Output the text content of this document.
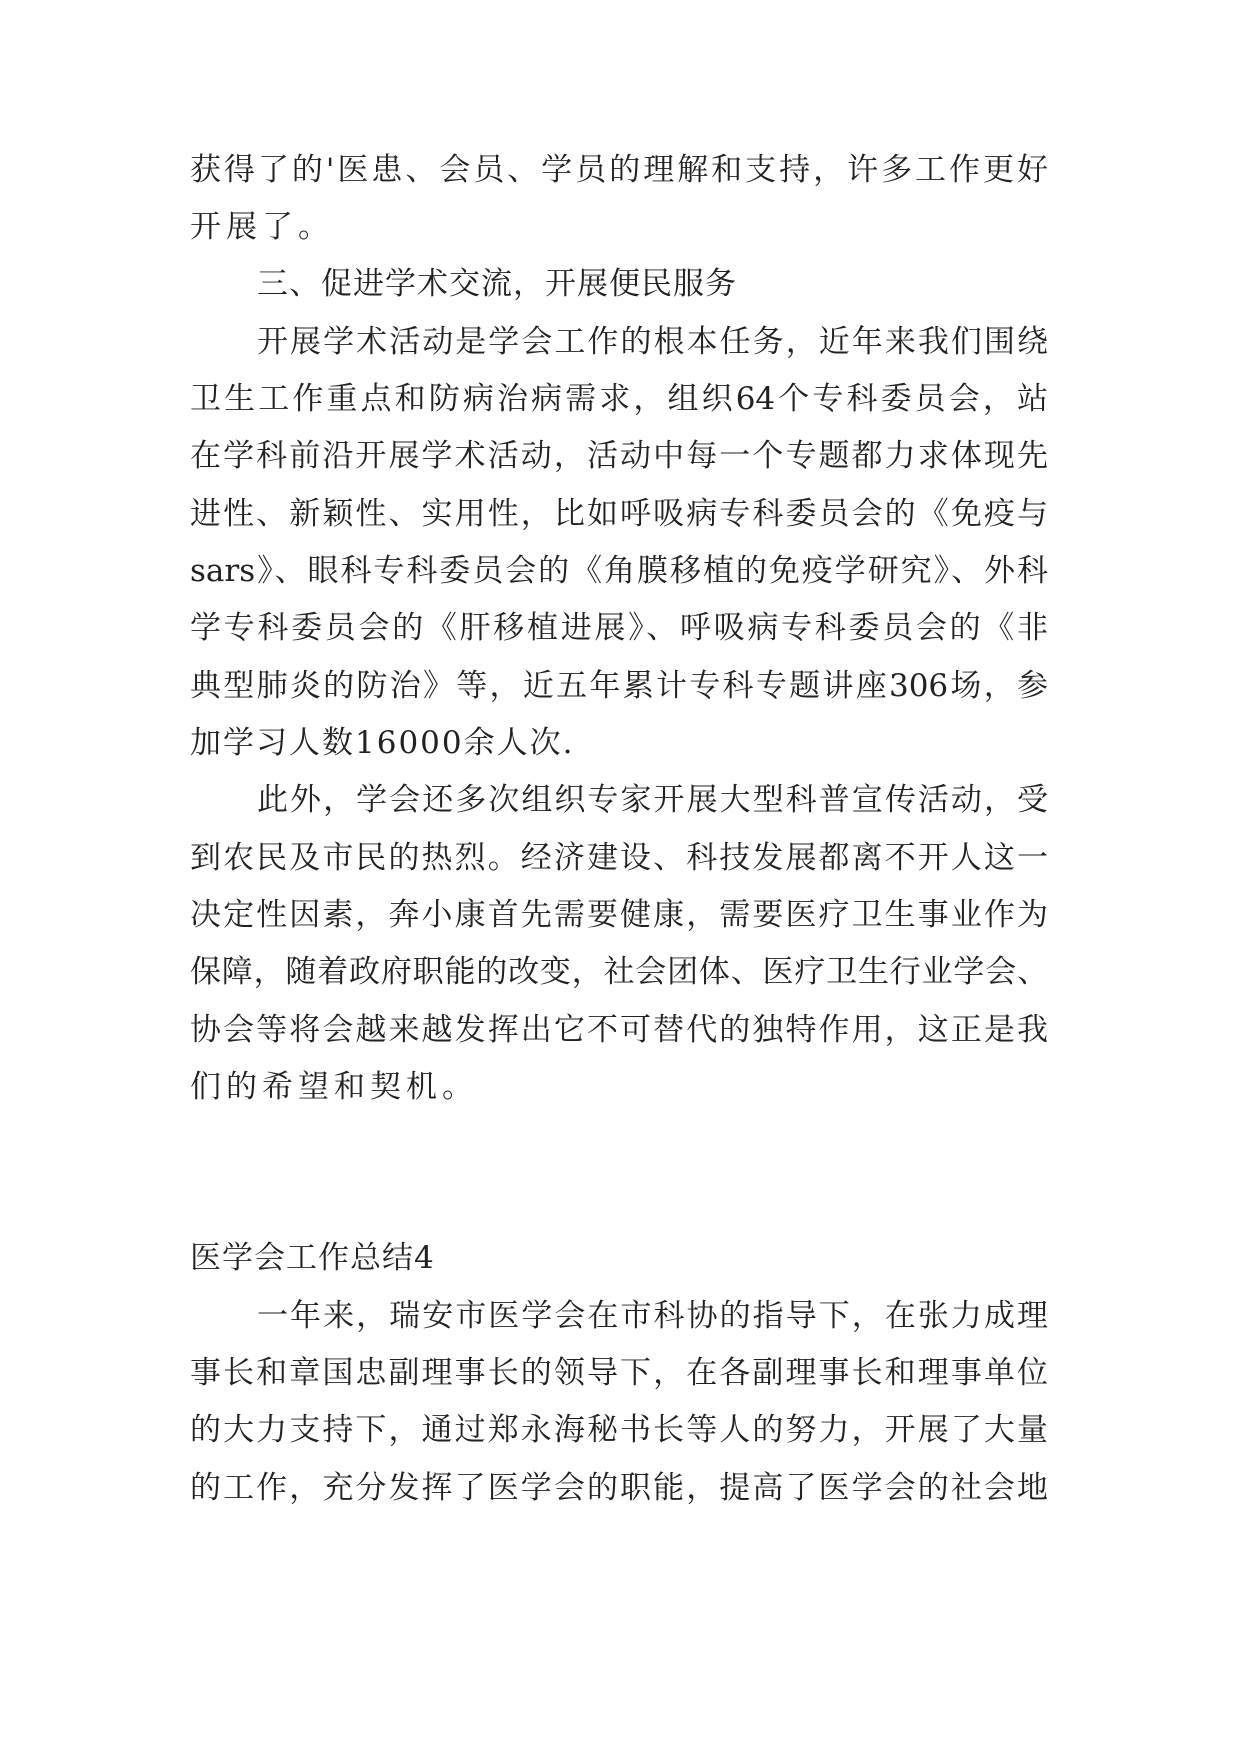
获得了的'医患、会员、学员的理解和支持，许多工作更好
开展了。
三、促进学术交流，开展便民服务
开展学术活动是学会工作的根本任务，近年来我们围绕
卫生工作重点和防病治病需求，组织64个专科委员会，站
在学科前沿开展学术活动，活动中每一个专题都力求体现先
进性、新颖性、实用性，比如呼吸病专科委员会的《免疫与
sars》、眼科专科委员会的《角膜移植的免疫学研究》、外科
学专科委员会的《肝移植进展》、呼吸病专科委员会的《非
典型肺炎的防治》等，近五年累计专科专题讲座306场，参
加学习人数16000余人次.
此外，学会还多次组织专家开展大型科普宣传活动，受
到农民及市民的热烈。经济建设、科技发展都离不开人这一
决定性因素，奔小康首先需要健康，需要医疗卫生事业作为
保障，随着政府职能的改变，社会团体、医疗卫生行业学会、
协会等将会越来越发挥出它不可替代的独特作用，这正是我
们的希望和契机。
医学会工作总结4
一年来，瑞安市医学会在市科协的指导下，在张力成理
事长和章国忠副理事长的领导下，在各副理事长和理事单位
的大力支持下，通过郑永海秘书长等人的努力，开展了大量
的工作，充分发挥了医学会的职能，提高了医学会的社会地
